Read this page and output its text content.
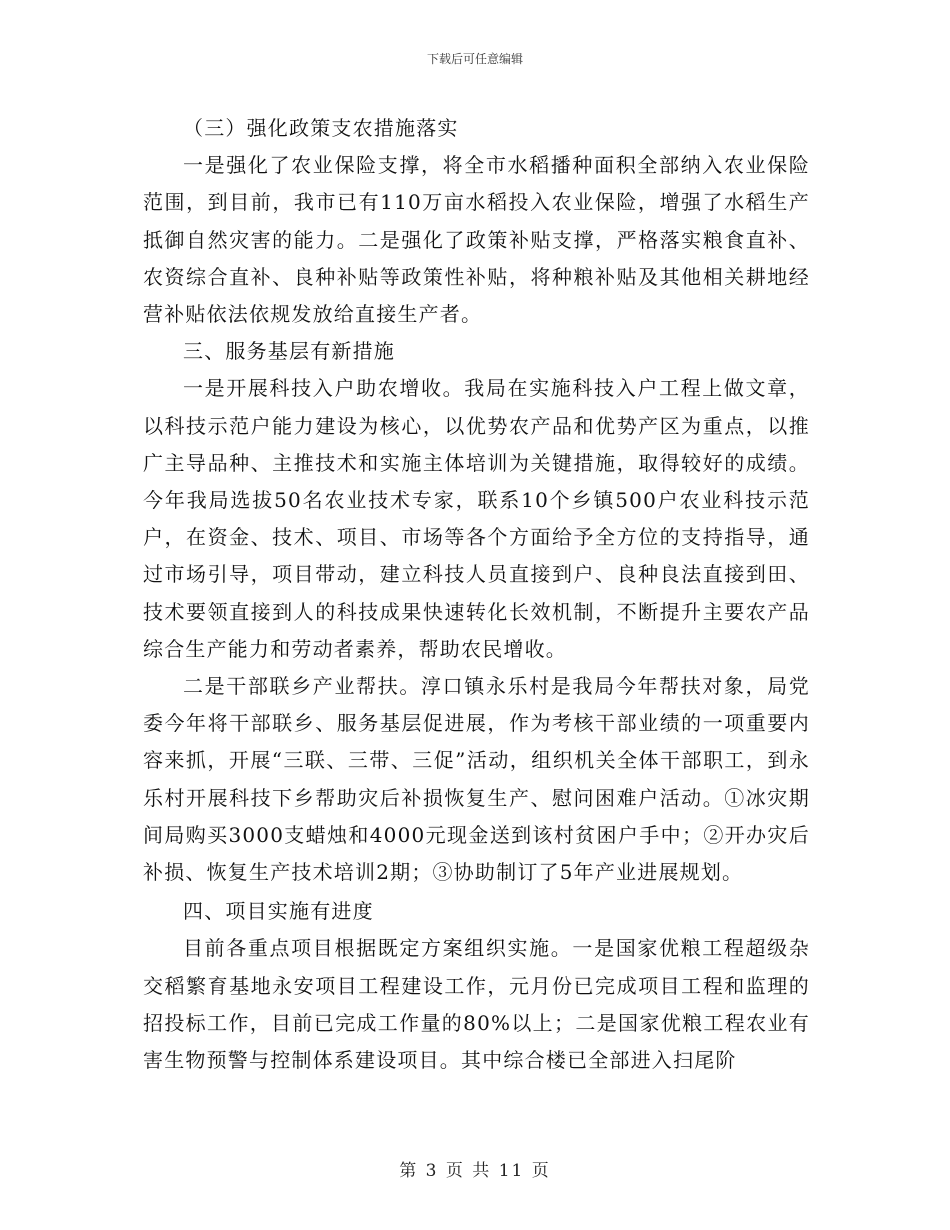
下载后可任意编辑

（三）强化政策支农措施落实

一是强化了农业保险支撑，将全市水稻播种面积全部纳入农业保险范围，到目前，我市已有110万亩水稻投入农业保险，增强了水稻生产抵御自然灾害的能力。二是强化了政策补贴支撑，严格落实粮食直补、农资综合直补、良种补贴等政策性补贴，将种粮补贴及其他相关耕地经营补贴依法依规发放给直接生产者。

三、服务基层有新措施

一是开展科技入户助农增收。我局在实施科技入户工程上做文章，以科技示范户能力建设为核心，以优势农产品和优势产区为重点，以推广主导品种、主推技术和实施主体培训为关键措施，取得较好的成绩。今年我局选拔50名农业技术专家，联系10个乡镇500户农业科技示范户，在资金、技术、项目、市场等各个方面给予全方位的支持指导，通过市场引导，项目带动，建立科技人员直接到户、良种良法直接到田、技术要领直接到人的科技成果快速转化长效机制，不断提升主要农产品综合生产能力和劳动者素养，帮助农民增收。

二是干部联乡产业帮扶。淳口镇永乐村是我局今年帮扶对象，局党委今年将干部联乡、服务基层促进展，作为考核干部业绩的一项重要内容来抓，开展“三联、三带、三促”活动，组织机关全体干部职工，到永乐村开展科技下乡帮助灾后补损恢复生产、慰问困难户活动。①冰灾期间局购买3000支蜡烛和4000元现金送到该村贫困户手中；②开办灾后补损、恢复生产技术培训2期；③协助制订了5年产业进展规划。

四、项目实施有进度

目前各重点项目根据既定方案组织实施。一是国家优粮工程超级杂交稻繁育基地永安项目工程建设工作，元月份已完成项目工程和监理的招投标工作，目前已完成工作量的80%以上；二是国家优粮工程农业有害生物预警与控制体系建设项目。其中综合楼已全部进入扫尾阶

第 3 页 共 11 页
